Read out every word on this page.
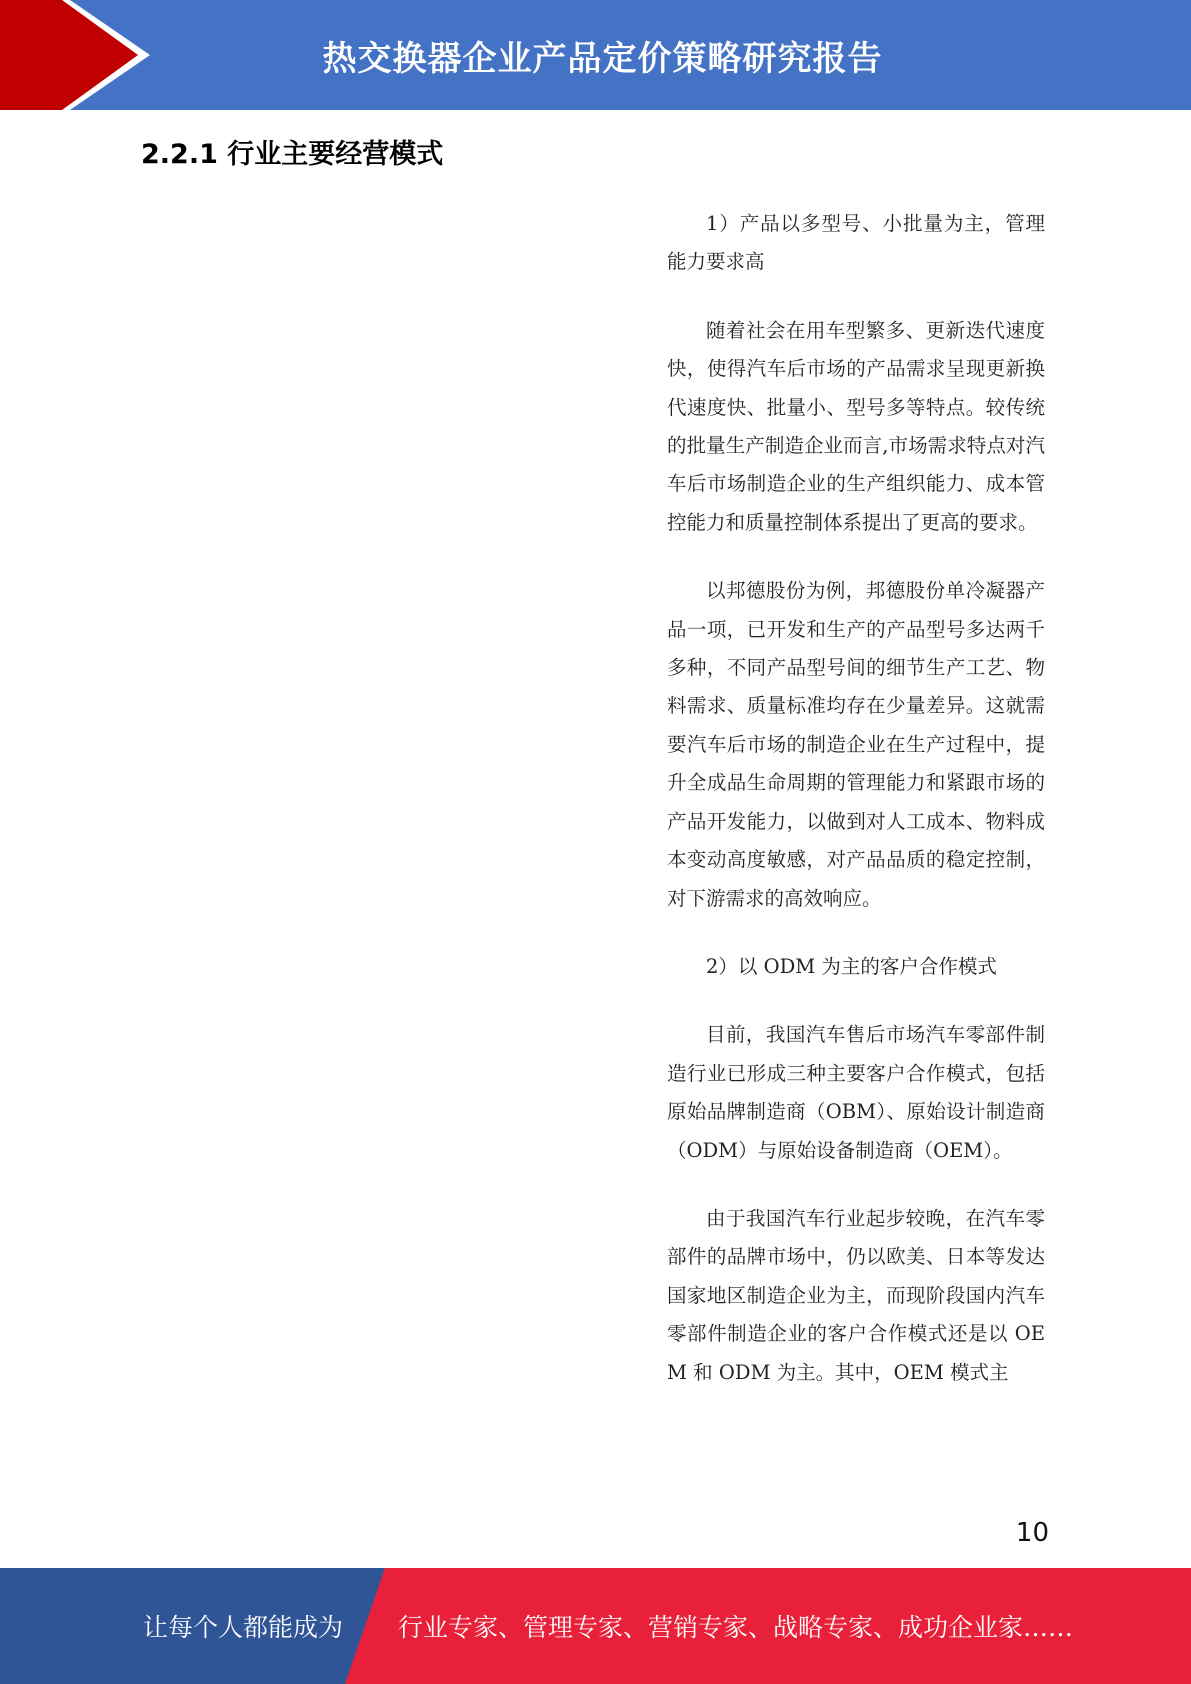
热交换器企业产品定价策略研究报告
2.2.1 行业主要经营模式

1）产品以多型号、小批量为主，管理能力要求高

随着社会在用车型繁多、更新迭代速度快，使得汽车后市场的产品需求呈现更新换代速度快、批量小、型号多等特点。较传统的批量生产制造企业而言,市场需求特点对汽车后市场制造企业的生产组织能力、成本管控能力和质量控制体系提出了更高的要求。

以邦德股份为例，邦德股份单冷凝器产品一项，已开发和生产的产品型号多达两千多种，不同产品型号间的细节生产工艺、物料需求、质量标准均存在少量差异。这就需要汽车后市场的制造企业在生产过程中，提升全成品生命周期的管理能力和紧跟市场的产品开发能力，以做到对人工成本、物料成本变动高度敏感，对产品品质的稳定控制，对下游需求的高效响应。

2）以 ODM 为主的客户合作模式

目前，我国汽车售后市场汽车零部件制造行业已形成三种主要客户合作模式，包括原始品牌制造商（OBM）、原始设计制造商（ODM）与原始设备制造商（OEM）。

由于我国汽车行业起步较晚，在汽车零部件的品牌市场中，仍以欧美、日本等发达国家地区制造企业为主，而现阶段国内汽车零部件制造企业的客户合作模式还是以 OEM 和 ODM 为主。其中，OEM 模式主

10
让每个人都能成为 行业专家、管理专家、营销专家、战略专家、成功企业家……
